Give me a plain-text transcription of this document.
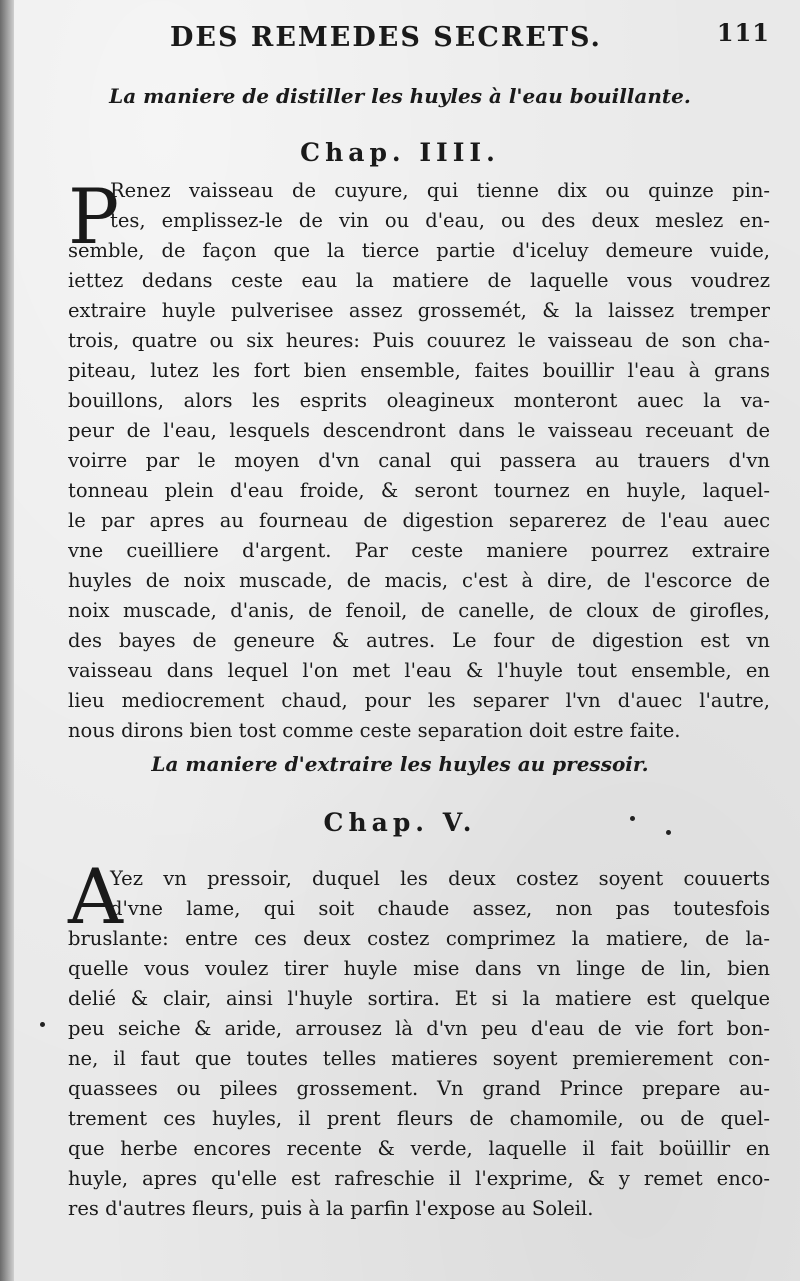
DES REMEDES SECRETS.	111
La maniere de distiller les huyles à l'eau bouillante.
Chap. IIII.
P
Renez vaisseau de cuyure, qui tienne dix ou quinze pin-
tes, emplissez-le de vin ou d'eau, ou des deux meslez en-
semble, de façon que la tierce partie d'iceluy demeure vuide,
iettez dedans ceste eau la matiere de laquelle vous voudrez
extraire huyle pulverisee assez grossemét, & la laissez tremper
trois, quatre ou six heures: Puis couurez le vaisseau de son cha-
piteau, lutez les fort bien ensemble, faites bouillir l'eau à grans
bouillons, alors les esprits oleagineux monteront auec la va-
peur de l'eau, lesquels descendront dans le vaisseau receuant de
voirre par le moyen d'vn canal qui passera au trauers d'vn
tonneau plein d'eau froide, & seront tournez en huyle, laquel-
le par apres au fourneau de digestion separerez de l'eau auec
vne cueilliere d'argent. Par ceste maniere pourrez extraire
huyles de noix muscade, de macis, c'est à dire, de l'escorce de
noix muscade, d'anis, de fenoil, de canelle, de cloux de girofles,
des bayes de geneure & autres. Le four de digestion est vn
vaisseau dans lequel l'on met l'eau & l'huyle tout ensemble, en
lieu mediocrement chaud, pour les separer l'vn d'auec l'autre,
nous dirons bien tost comme ceste separation doit estre faite.
La maniere d'extraire les huyles au pressoir.
Chap. V.
A
Yez vn pressoir, duquel les deux costez soyent couuerts
d'vne lame, qui soit chaude assez, non pas toutesfois
bruslante: entre ces deux costez comprimez la matiere, de la-
quelle vous voulez tirer huyle mise dans vn linge de lin, bien
delié & clair, ainsi l'huyle sortira. Et si la matiere est quelque
peu seiche & aride, arrousez là d'vn peu d'eau de vie fort bon-
ne, il faut que toutes telles matieres soyent premierement con-
quassees ou pilees grossement. Vn grand Prince prepare au-
trement ces huyles, il prent fleurs de chamomile, ou de quel-
que herbe encores recente & verde, laquelle il fait boüillir en
huyle, apres qu'elle est rafreschie il l'exprime, & y remet enco-
res d'autres fleurs, puis à la parfin l'expose au Soleil.
